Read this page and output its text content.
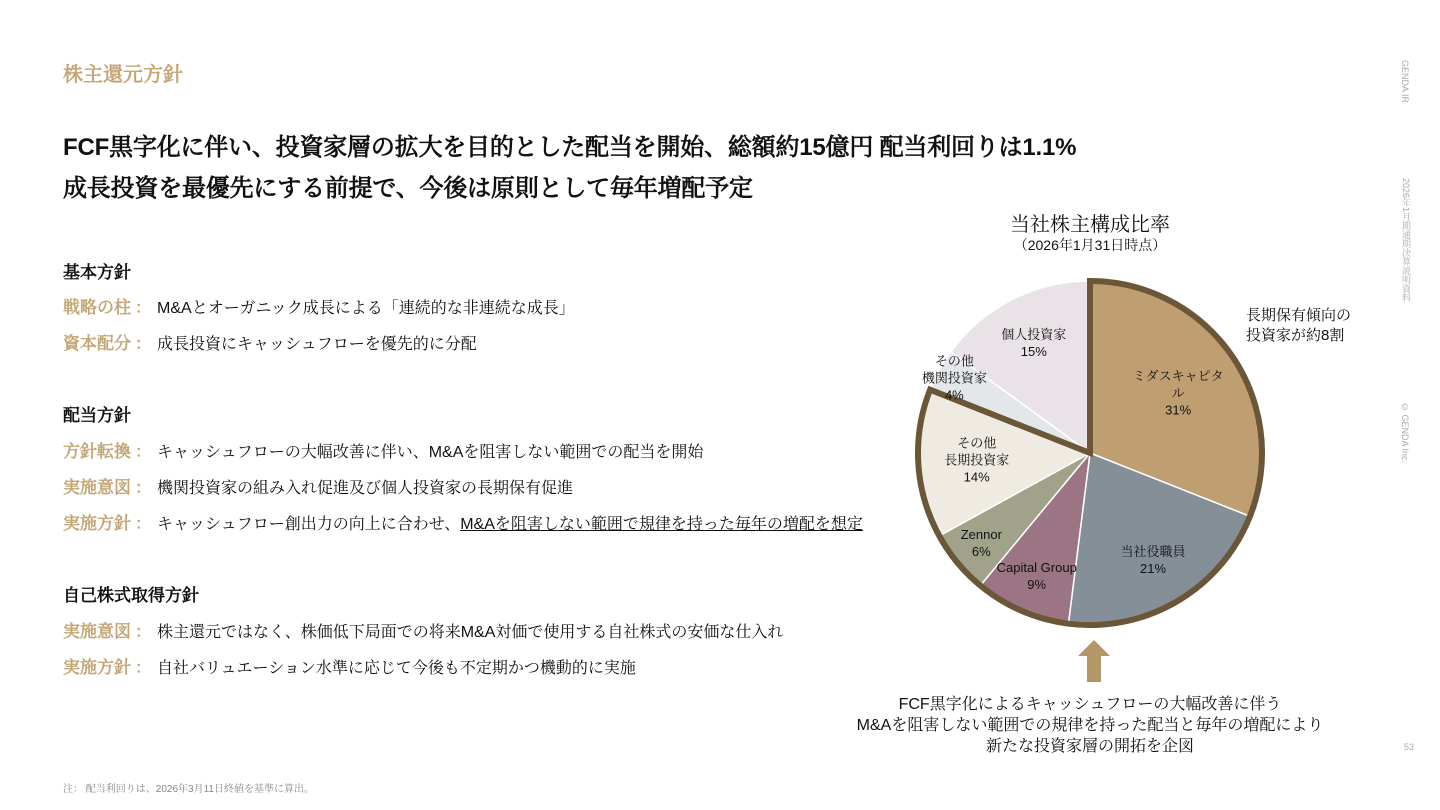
株主還元方針
FCF黒字化に伴い、投資家層の拡大を目的とした配当を開始、総額約15億円 配当利回りは1.1%
成長投資を最優先にする前提で、今後は原則として毎年増配予定
基本方針
戦略の柱 ： M&Aとオーガニック成長による「連続的な非連続な成長」
資本配分 ： 成長投資にキャッシュフローを優先的に分配
配当方針
方針転換 ： キャッシュフローの大幅改善に伴い、M&Aを阻害しない範囲での配当を開始
実施意図 ： 機関投資家の組み入れ促進及び個人投資家の長期保有促進
実施方針 ： キャッシュフロー創出力の向上に合わせ、M&Aを阻害しない範囲で規律を持った毎年の増配を想定
自己株式取得方針
実施意図 ： 株主還元ではなく、株価低下局面での将来M&A対価で使用する自社株式の安価な仕入れ
実施方針 ： 自社バリュエーション水準に応じて今後も不定期かつ機動的に実施
注： 配当利回りは、2026年3月11日終値を基準に算出。
GENDA IR
2026年1月期通期決算説明資料
© GENDA Inc.
53
当社株主構成比率
（2026年1月31日時点）
ミダスキャピタ
ル
31%
当社役職員
21%
Capital Group
9%
Zennor
6%
その他
長期投資家
14%
その他
機関投資家
4%
個人投資家
15%
長期保有傾向の
投資家が約8割
FCF黒字化によるキャッシュフローの大幅改善に伴う
M&Aを阻害しない範囲での規律を持った配当と毎年の増配により
新たな投資家層の開拓を企図
